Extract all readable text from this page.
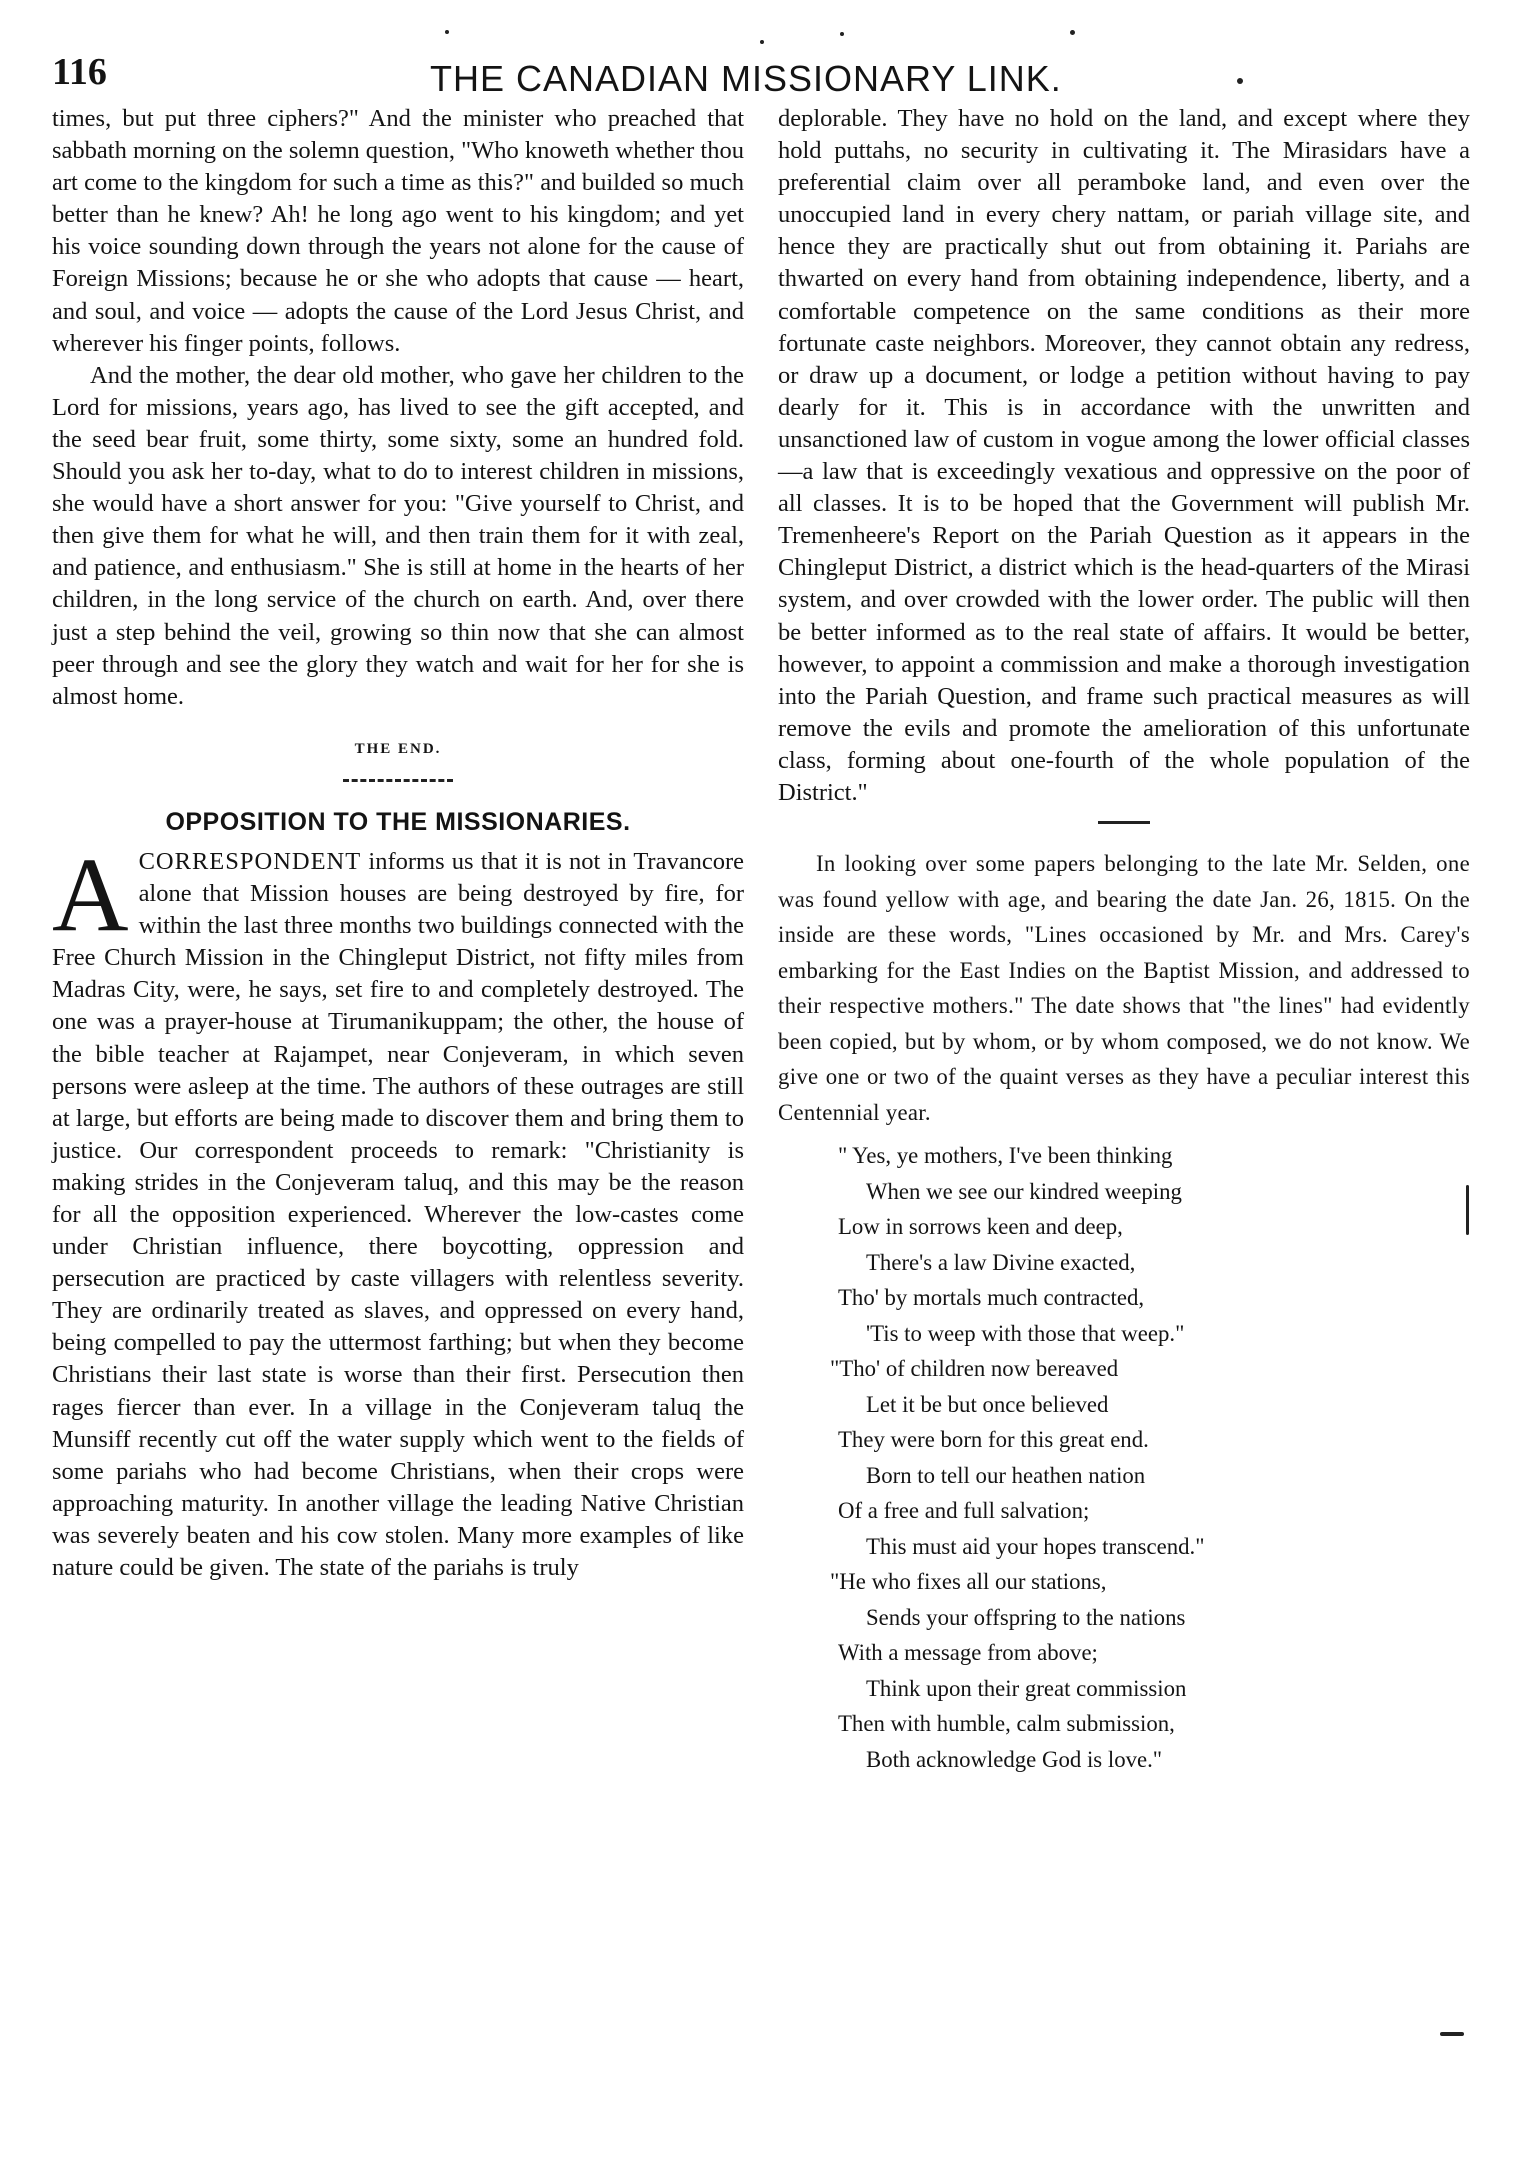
116	THE CANADIAN MISSIONARY LINK.

times, but put three ciphers?" And the minister who preached that sabbath morning on the solemn question, "Who knoweth whether thou art come to the kingdom for such a time as this?" and builded so much better than he knew? Ah! he long ago went to his kingdom; and yet his voice sounding down through the years not alone for the cause of Foreign Missions; because he or she who adopts that cause — heart, and soul, and voice — adopts the cause of the Lord Jesus Christ, and wherever his finger points, follows.

And the mother, the dear old mother, who gave her children to the Lord for missions, years ago, has lived to see the gift accepted, and the seed bear fruit, some thirty, some sixty, some an hundred fold. Should you ask her to-day, what to do to interest children in missions, she would have a short answer for you: "Give yourself to Christ, and then give them for what he will, and then train them for it with zeal, and patience, and enthusiasm." She is still at home in the hearts of her children, in the long service of the church on earth. And, over there just a step behind the veil, growing so thin now that she can almost peer through and see the glory they watch and wait for her for she is almost home.

THE END.

OPPOSITION TO THE MISSIONARIES.

ACORRESPONDENT informs us that it is not in Travancore alone that Mission houses are being destroyed by fire, for within the last three months two buildings connected with the Free Church Mission in the Chingleput District, not fifty miles from Madras City, were, he says, set fire to and completely destroyed. The one was a prayer-house at Tirumanikuppam; the other, the house of the bible teacher at Rajampet, near Conjeveram, in which seven persons were asleep at the time. The authors of these outrages are still at large, but efforts are being made to discover them and bring them to justice. Our correspondent proceeds to remark: "Christianity is making strides in the Conjeveram taluq, and this may be the reason for all the opposition experienced. Wherever the low-castes come under Christian influence, there boycotting, oppression and persecution are practiced by caste villagers with relentless severity. They are ordinarily treated as slaves, and oppressed on every hand, being compelled to pay the uttermost farthing; but when they become Christians their last state is worse than their first. Persecution then rages fiercer than ever. In a village in the Conjeveram taluq the Munsiff recently cut off the water supply which went to the fields of some pariahs who had become Christians, when their crops were approaching maturity. In another village the leading Native Christian was severely beaten and his cow stolen. Many more examples of like nature could be given. The state of the pariahs is truly

deplorable. They have no hold on the land, and except where they hold puttahs, no security in cultivating it. The Mirasidars have a preferential claim over all peramboke land, and even over the unoccupied land in every chery nattam, or pariah village site, and hence they are practically shut out from obtaining it. Pariahs are thwarted on every hand from obtaining independence, liberty, and a comfortable competence on the same conditions as their more fortunate caste neighbors. Moreover, they cannot obtain any redress, or draw up a document, or lodge a petition without having to pay dearly for it. This is in accordance with the unwritten and unsanctioned law of custom in vogue among the lower official classes—a law that is exceedingly vexatious and oppressive on the poor of all classes. It is to be hoped that the Government will publish Mr. Tremenheere's Report on the Pariah Question as it appears in the Chingleput District, a district which is the head-quarters of the Mirasi system, and over crowded with the lower order. The public will then be better informed as to the real state of affairs. It would be better, however, to appoint a commission and make a thorough investigation into the Pariah Question, and frame such practical measures as will remove the evils and promote the amelioration of this unfortunate class, forming about one-fourth of the whole population of the District."

In looking over some papers belonging to the late Mr. Selden, one was found yellow with age, and bearing the date Jan. 26, 1815. On the inside are these words, "Lines occasioned by Mr. and Mrs. Carey's embarking for the East Indies on the Baptist Mission, and addressed to their respective mothers." The date shows that "the lines" had evidently been copied, but by whom, or by whom composed, we do not know. We give one or two of the quaint verses as they have a peculiar interest this Centennial year.

" Yes, ye mothers, I've been thinking
When we see our kindred weeping
Low in sorrows keen and deep,
There's a law Divine exacted,
Tho' by mortals much contracted,
'Tis to weep with those that weep."
"Tho' of children now bereaved
Let it be but once believed
They were born for this great end.
Born to tell our heathen nation
Of a free and full salvation;
This must aid your hopes transcend."
"He who fixes all our stations,
Sends your offspring to the nations
With a message from above;
Think upon their great commission
Then with humble, calm submission,
Both acknowledge God is love."
